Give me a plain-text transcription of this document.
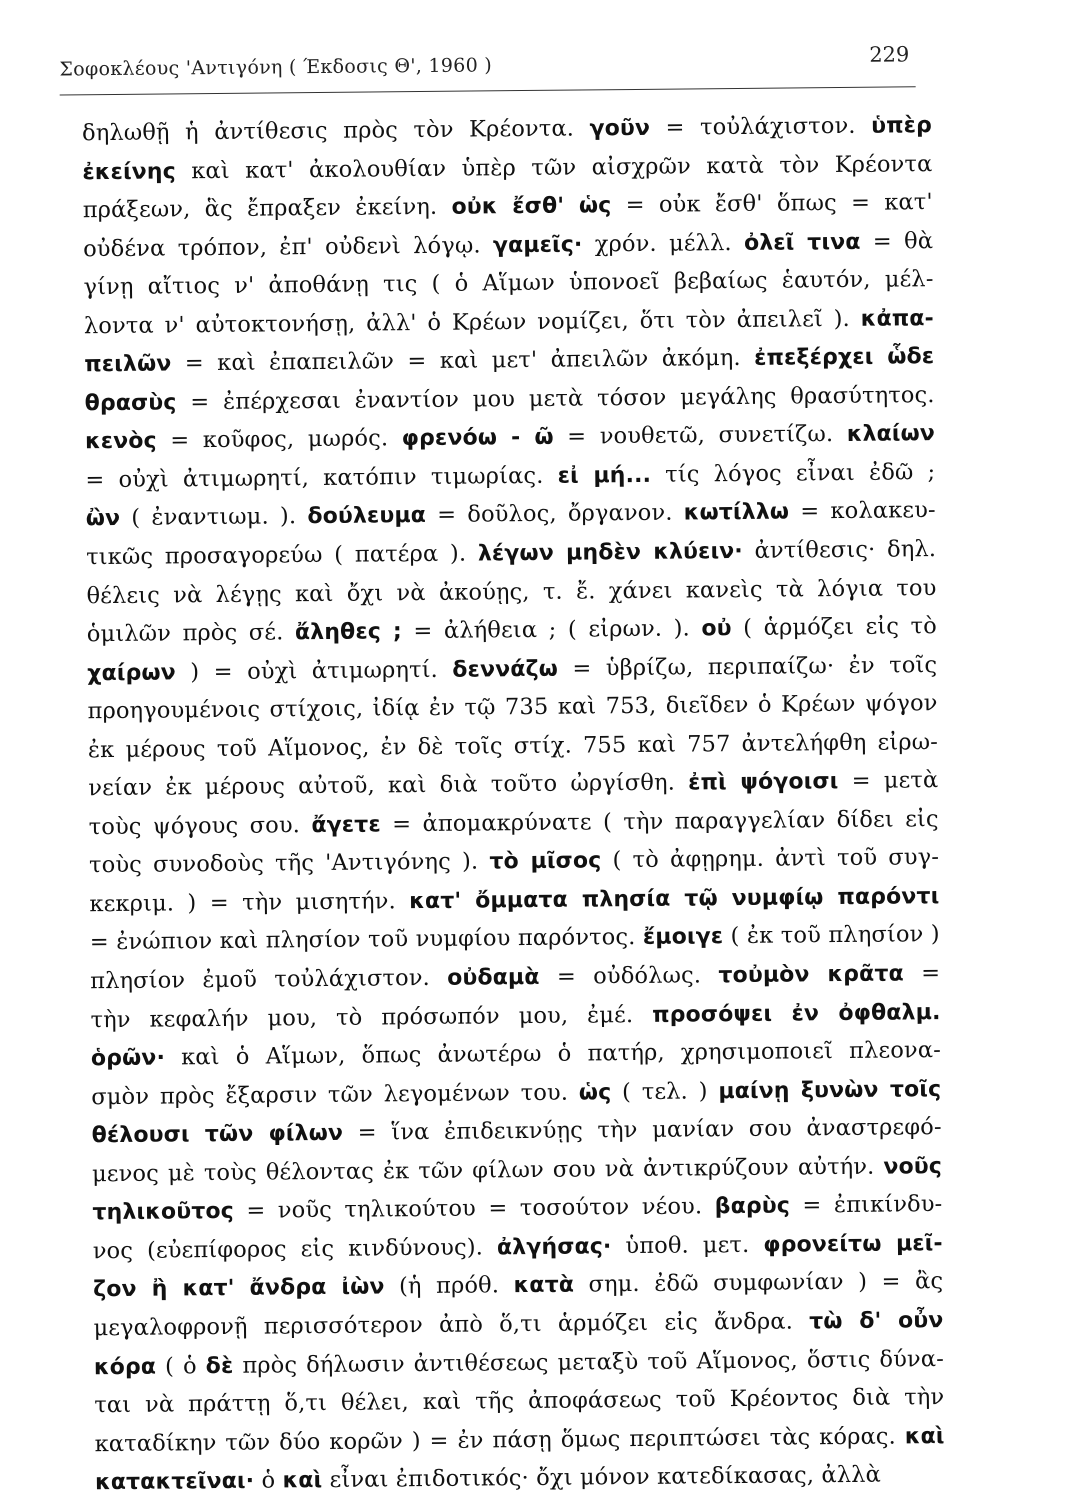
Σοφοκλέους 'Αντιγόνη ( Έκδοσις Θ', 1960 )	229
δηλωθῇ ἡ ἀντίθεσις πρὸς τὸν Κρέοντα. γοῦν = τοὐλάχιστον. ὑπὲρ
ἐκείνης καὶ κατ' ἀκολουθίαν ὑπὲρ τῶν αἰσχρῶν κατὰ τὸν Κρέοντα
πράξεων, ἃς ἔπραξεν ἐκείνη. οὐκ ἔσθ' ὡς = οὐκ ἔσθ' ὅπως = κατ'
οὐδένα τρόπον, ἐπ' οὐδενὶ λόγῳ. γαμεῖς· χρόν. μέλλ. ὀλεῖ τινα = θὰ
γίνῃ αἴτιος ν' ἀποθάνῃ τις ( ὁ Αἵμων ὑπονοεῖ βεβαίως ἑαυτόν, μέλ-
λοντα ν' αὐτοκτονήσῃ, ἀλλ' ὁ Κρέων νομίζει, ὅτι τὸν ἀπειλεῖ ). κἀπα-
πειλῶν = καὶ ἐπαπειλῶν = καὶ μετ' ἀπειλῶν ἀκόμη. ἐπεξέρχει ὧδε
θρασὺς = ἐπέρχεσαι ἐναντίον μου μετὰ τόσον μεγάλης θρασύτητος.
κενὸς = κοῦφος, μωρός. φρενόω - ῶ = νουθετῶ, συνετίζω. κλαίων
= οὐχὶ ἀτιμωρητί, κατόπιν τιμωρίας. εἰ μή... τίς λόγος εἶναι ἐδῶ ;
ὢν ( ἐναντιωμ. ). δούλευμα = δοῦλος, ὄργανον. κωτίλλω = κολακευ-
τικῶς προσαγορεύω ( πατέρα ). λέγων μηδὲν κλύειν· ἀντίθεσις· δηλ.
θέλεις νὰ λέγῃς καὶ ὄχι νὰ ἀκούῃς, τ. ἔ. χάνει κανεὶς τὰ λόγια του
ὁμιλῶν πρὸς σέ. ἄληθες ; = ἀλήθεια ; ( εἰρων. ). οὐ ( ἁρμόζει εἰς τὸ
χαίρων ) = οὐχὶ ἀτιμωρητί. δεννάζω = ὑβρίζω, περιπαίζω· ἐν τοῖς
προηγουμένοις στίχοις, ἰδίᾳ ἐν τῷ 735 καὶ 753, διεῖδεν ὁ Κρέων ψόγον
ἐκ μέρους τοῦ Αἵμονος, ἐν δὲ τοῖς στίχ. 755 καὶ 757 ἀντελήφθη εἰρω-
νείαν ἐκ μέρους αὐτοῦ, καὶ διὰ τοῦτο ὠργίσθη. ἐπὶ ψόγοισι = μετὰ
τοὺς ψόγους σου. ἄγετε = ἀπομακρύνατε ( τὴν παραγγελίαν δίδει εἰς
τοὺς συνοδοὺς τῆς 'Αντιγόνης ). τὸ μῖσος ( τὸ ἀφῃρημ. ἀντὶ τοῦ συγ-
κεκριμ. ) = τὴν μισητήν. κατ' ὄμματα πλησία τῷ νυμφίῳ παρόντι
= ἐνώπιον καὶ πλησίον τοῦ νυμφίου παρόντος. ἔμοιγε ( ἐκ τοῦ πλησίον )
πλησίον ἐμοῦ τοὐλάχιστον. οὐδαμὰ = οὐδόλως. τοὐμὸν κρᾶτα =
τὴν κεφαλήν μου, τὸ πρόσωπόν μου, ἐμέ. προσόψει ἐν ὀφθαλμ.
ὁρῶν· καὶ ὁ Αἵμων, ὅπως ἀνωτέρω ὁ πατήρ, χρησιμοποιεῖ πλεονα-
σμὸν πρὸς ἔξαρσιν τῶν λεγομένων του. ὡς ( τελ. ) μαίνῃ ξυνὼν τοῖς
θέλουσι τῶν φίλων = ἵνα ἐπιδεικνύῃς τὴν μανίαν σου ἀναστρεφό-
μενος μὲ τοὺς θέλοντας ἐκ τῶν φίλων σου νὰ ἀντικρύζουν αὐτήν. νοῦς
τηλικοῦτος = νοῦς τηλικούτου = τοσούτον νέου. βαρὺς = ἐπικίνδυ-
νος (εὐεπίφορος εἰς κινδύνους). ἀλγήσας· ὑποθ. μετ. φρονείτω μεῖ-
ζον ἢ κατ' ἄνδρα ἰὼν (ἡ πρόθ. κατὰ σημ. ἐδῶ συμφωνίαν ) = ἂς
μεγαλοφρονῇ περισσότερον ἀπὸ ὅ,τι ἁρμόζει εἰς ἄνδρα. τὼ δ' οὖν
κόρα ( ὁ δὲ πρὸς δήλωσιν ἀντιθέσεως μεταξὺ τοῦ Αἵμονος, ὅστις δύνα-
ται νὰ πράττῃ ὅ,τι θέλει, καὶ τῆς ἀποφάσεως τοῦ Κρέοντος διὰ τὴν
καταδίκην τῶν δύο κορῶν ) = ἐν πάσῃ ὅμως περιπτώσει τὰς κόρας. καὶ
κατακτεῖναι· ὁ καὶ εἶναι ἐπιδοτικός· ὄχι μόνον κατεδίκασας, ἀλλὰ
